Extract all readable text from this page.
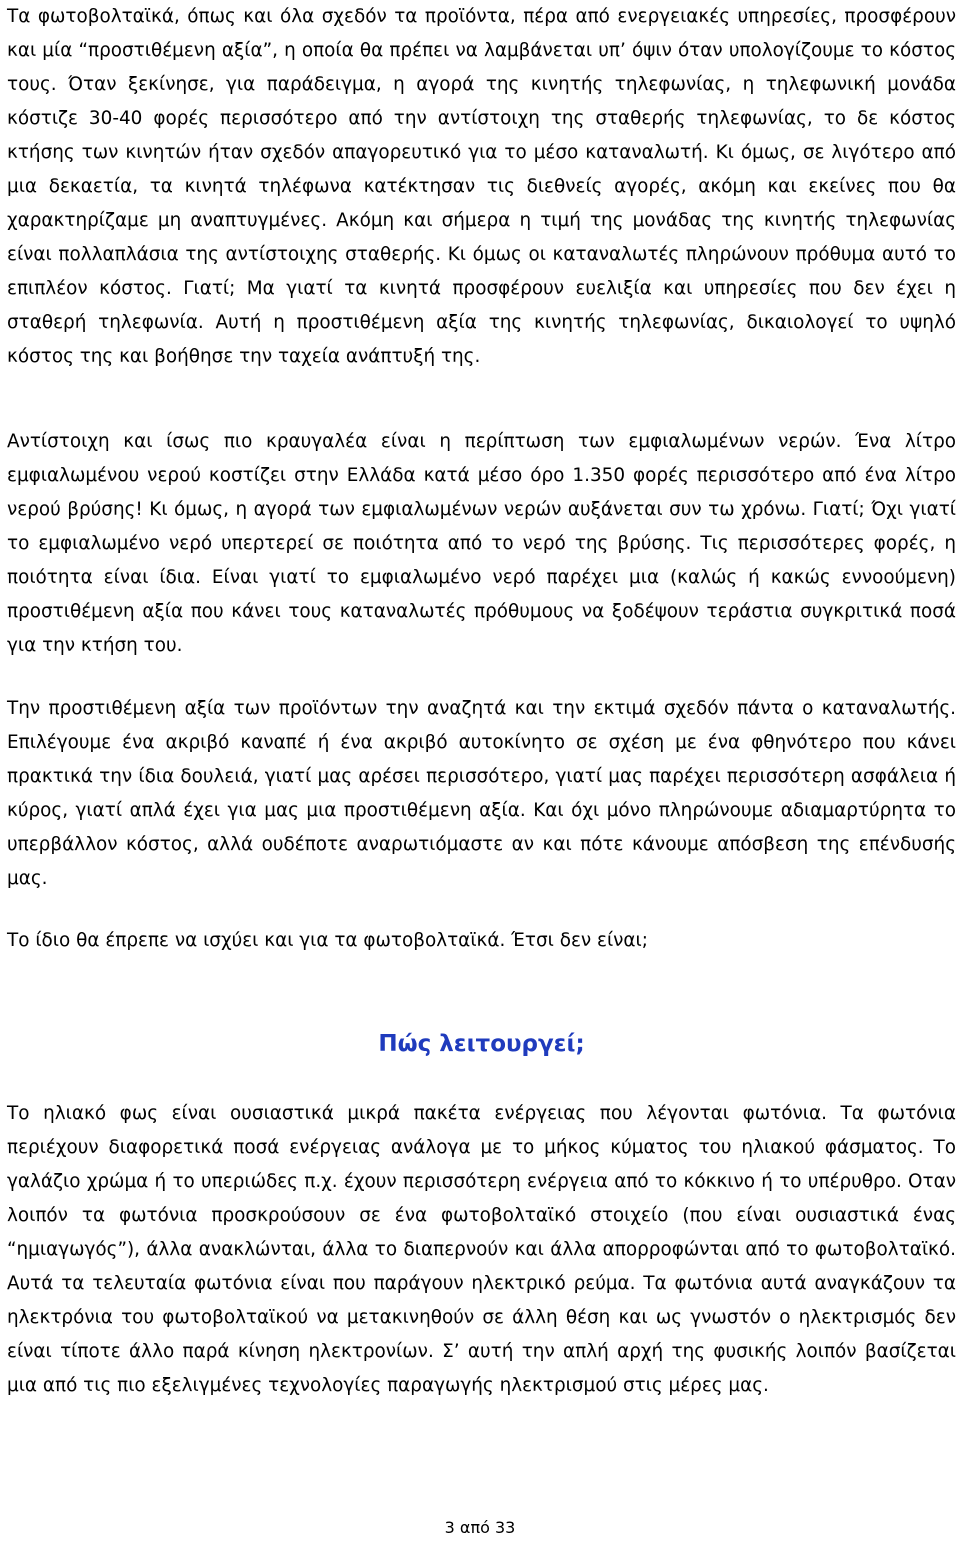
Τα φωτοβολταϊκά, όπως και όλα σχεδόν τα προϊόντα, πέρα από ενεργειακές υπηρεσίες, προσφέρουν και μία “προστιθέμενη αξία”, η οποία θα πρέπει να λαμβάνεται υπ’ όψιν όταν υπολογίζουμε το κόστος τους. Όταν ξεκίνησε, για παράδειγμα, η αγορά της κινητής τηλεφωνίας, η τηλεφωνική μονάδα κόστιζε 30-40 φορές περισσότερο από την αντίστοιχη της σταθερής τηλεφωνίας, το δε κόστος κτήσης των κινητών ήταν σχεδόν απαγορευτικό για το μέσο καταναλωτή. Κι όμως, σε λιγότερο από μια δεκαετία, τα κινητά τηλέφωνα κατέκτησαν τις διεθνείς αγορές, ακόμη και εκείνες που θα χαρακτηρίζαμε μη αναπτυγμένες. Ακόμη και σήμερα η τιμή της μονάδας της κινητής τηλεφωνίας είναι πολλαπλάσια της αντίστοιχης σταθερής. Κι όμως οι καταναλωτές πληρώνουν πρόθυμα αυτό το επιπλέον κόστος. Γιατί; Μα γιατί τα κινητά προσφέρουν ευελιξία και υπηρεσίες που δεν έχει η σταθερή τηλεφωνία. Αυτή η προστιθέμενη αξία της κινητής τηλεφωνίας, δικαιολογεί το υψηλό κόστος της και βοήθησε την ταχεία ανάπτυξή της.

Αντίστοιχη και ίσως πιο κραυγαλέα είναι η περίπτωση των εμφιαλωμένων νερών. Ένα λίτρο εμφιαλωμένου νερού κοστίζει στην Ελλάδα κατά μέσο όρο 1.350 φορές περισσότερο από ένα λίτρο νερού βρύσης! Κι όμως, η αγορά των εμφιαλωμένων νερών αυξάνεται συν τω χρόνω. Γιατί; Όχι γιατί το εμφιαλωμένο νερό υπερτερεί σε ποιότητα από το νερό της βρύσης. Τις περισσότερες φορές, η ποιότητα είναι ίδια. Είναι γιατί το εμφιαλωμένο νερό παρέχει μια (καλώς ή κακώς εννοούμενη) προστιθέμενη αξία που κάνει τους καταναλωτές πρόθυμους να ξοδέψουν τεράστια συγκριτικά ποσά για την κτήση του.

Την προστιθέμενη αξία των προϊόντων την αναζητά και την εκτιμά σχεδόν πάντα ο καταναλωτής. Επιλέγουμε ένα ακριβό καναπέ ή ένα ακριβό αυτοκίνητο σε σχέση με ένα φθηνότερο που κάνει πρακτικά την ίδια δουλειά, γιατί μας αρέσει περισσότερο, γιατί μας παρέχει περισσότερη ασφάλεια ή κύρος, γιατί απλά έχει για μας μια προστιθέμενη αξία. Και όχι μόνο πληρώνουμε αδιαμαρτύρητα το υπερβάλλον κόστος, αλλά ουδέποτε αναρωτιόμαστε αν και πότε κάνουμε απόσβεση της επένδυσής μας.

Το ίδιο θα έπρεπε να ισχύει και για τα φωτοβολταϊκά. Έτσι δεν είναι;

Πώς λειτουργεί;

Το ηλιακό φως είναι ουσιαστικά μικρά πακέτα ενέργειας που λέγονται φωτόνια. Τα φωτόνια περιέχουν διαφορετικά ποσά ενέργειας ανάλογα με το μήκος κύματος του ηλιακού φάσματος. Το γαλάζιο χρώμα ή το υπεριώδες π.χ. έχουν περισσότερη ενέργεια από το κόκκινο ή το υπέρυθρο. Οταν λοιπόν τα φωτόνια προσκρούσουν σε ένα φωτοβολταϊκό στοιχείο (που είναι ουσιαστικά ένας “ημιαγωγός”), άλλα ανακλώνται, άλλα το διαπερνούν και άλλα απορροφώνται από το φωτοβολταϊκό. Αυτά τα τελευταία φωτόνια είναι που παράγουν ηλεκτρικό ρεύμα. Τα φωτόνια αυτά αναγκάζουν τα ηλεκτρόνια του φωτοβολταϊκού να μετακινηθούν σε άλλη θέση και ως γνωστόν ο ηλεκτρισμός δεν είναι τίποτε άλλο παρά κίνηση ηλεκτρονίων. Σ’ αυτή την απλή αρχή της φυσικής λοιπόν βασίζεται μια από τις πιο εξελιγμένες τεχνολογίες παραγωγής ηλεκτρισμού στις μέρες μας.

3 από 33
